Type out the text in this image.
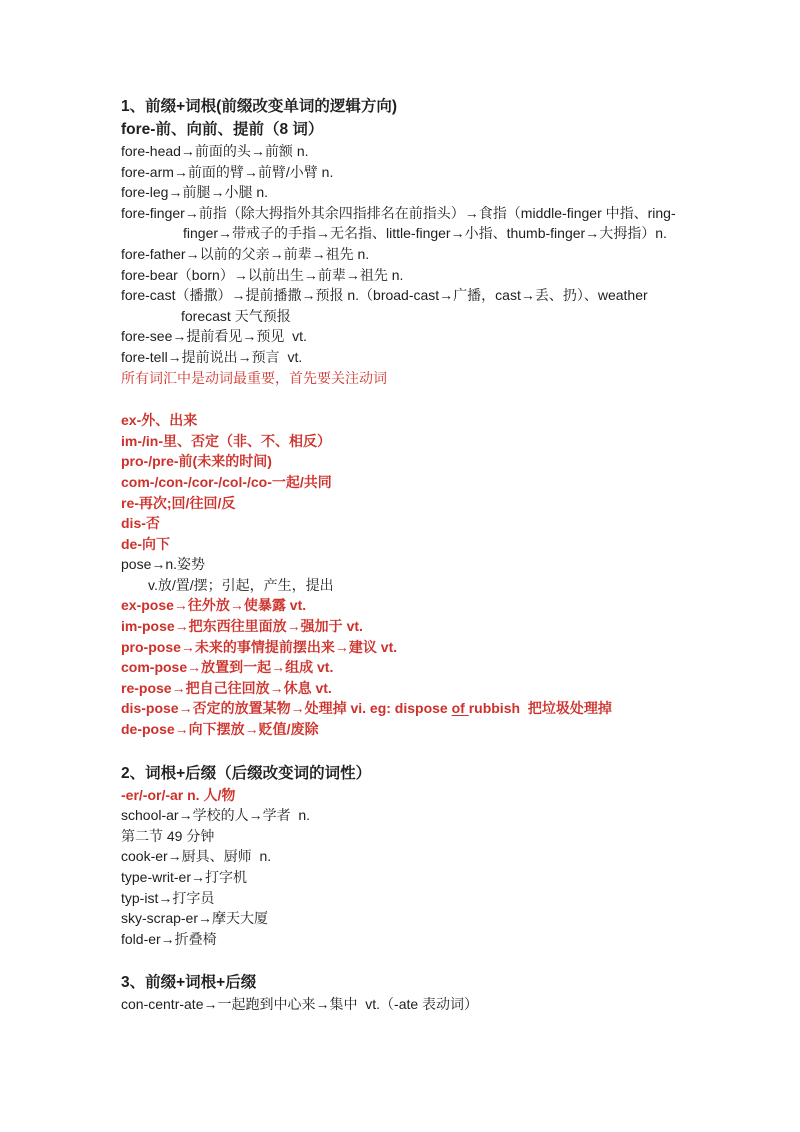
1、前缀+词根(前缀改变单词的逻辑方向)
fore-前、向前、提前（8 词）
fore-head→前面的头→前额 n.
fore-arm→前面的臂→前臂/小臂 n.
fore-leg→前腿→小腿 n.
fore-finger→前指（除大拇指外其余四指排名在前指头）→食指（middle-finger 中指、ring-
finger→带戒子的手指→无名指、little-finger→小指、thumb-finger→大拇指）n.
fore-father→以前的父亲→前辈→祖先 n.
fore-bear（born）→以前出生→前辈→祖先 n.
fore-cast（播撒）→提前播撒→预报 n.（broad-cast→广播，cast→丢、扔）、weather
forecast 天气预报
fore-see→提前看见→预见  vt.
fore-tell→提前说出→预言  vt.
所有词汇中是动词最重要，首先要关注动词
ex-外、出来
im-/in-里、否定（非、不、相反）
pro-/pre-前(未来的时间)
com-/con-/cor-/col-/co-一起/共同
re-再次;回/往回/反
dis-否
de-向下
pose→n.姿势
v.放/置/摆；引起，产生，提出
ex-pose→往外放→使暴露 vt.
im-pose→把东西往里面放→强加于 vt.
pro-pose→未来的事情提前摆出来→建议 vt.
com-pose→放置到一起→组成 vt.
re-pose→把自己往回放→休息 vt.
dis-pose→否定的放置某物→处理掉 vi. eg: dispose of rubbish  把垃圾处理掉
de-pose→向下摆放→贬值/废除
2、词根+后缀（后缀改变词的词性）
-er/-or/-ar n. 人/物
school-ar→学校的人→学者  n.
第二节 49 分钟
cook-er→厨具、厨师  n.
type-writ-er→打字机
typ-ist→打字员
sky-scrap-er→摩天大厦
fold-er→折叠椅
3、前缀+词根+后缀
con-centr-ate→一起跑到中心来→集中  vt.（-ate 表动词）
